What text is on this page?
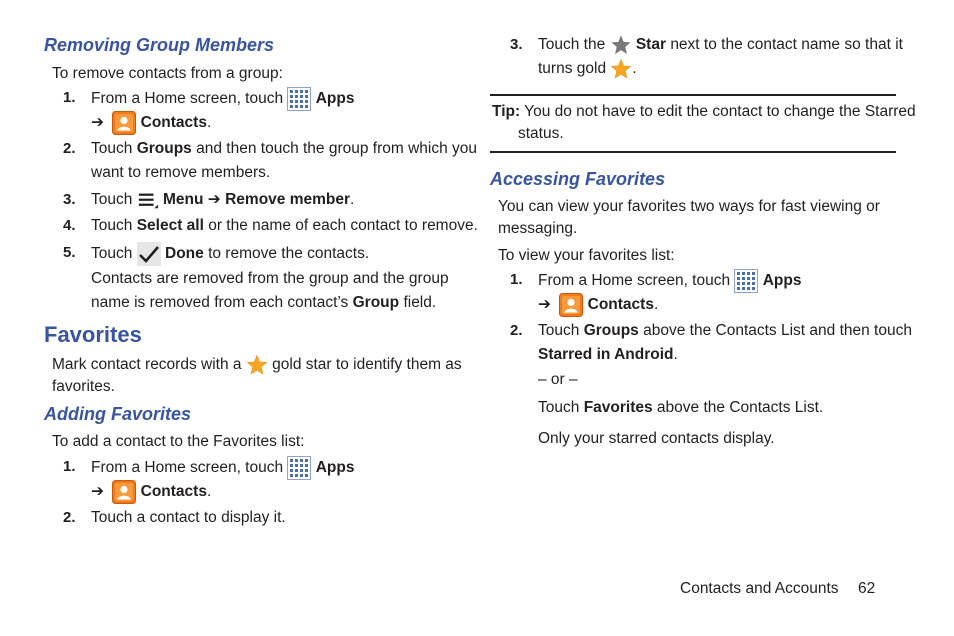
Removing Group Members
To remove contacts from a group:
1. From a Home screen, touch Apps
➔ Contacts.
2. Touch Groups and then touch the group from which you
want to remove members.
3. Touch Menu ➔ Remove member.
4. Touch Select all or the name of each contact to remove.
5. Touch Done to remove the contacts.
Contacts are removed from the group and the group
name is removed from each contact’s Group field.
Favorites
Mark contact records with a gold star to identify them as
favorites.
Adding Favorites
To add a contact to the Favorites list:
1. From a Home screen, touch Apps
➔ Contacts.
2. Touch a contact to display it.
3. Touch the Star next to the contact name so that it
turns gold .
Tip: You do not have to edit the contact to change the Starred
status.
Accessing Favorites
You can view your favorites two ways for fast viewing or
messaging.
To view your favorites list:
1. From a Home screen, touch Apps
➔ Contacts.
2. Touch Groups above the Contacts List and then touch
Starred in Android.
– or –
Touch Favorites above the Contacts List.
Only your starred contacts display.
Contacts and Accounts 62
